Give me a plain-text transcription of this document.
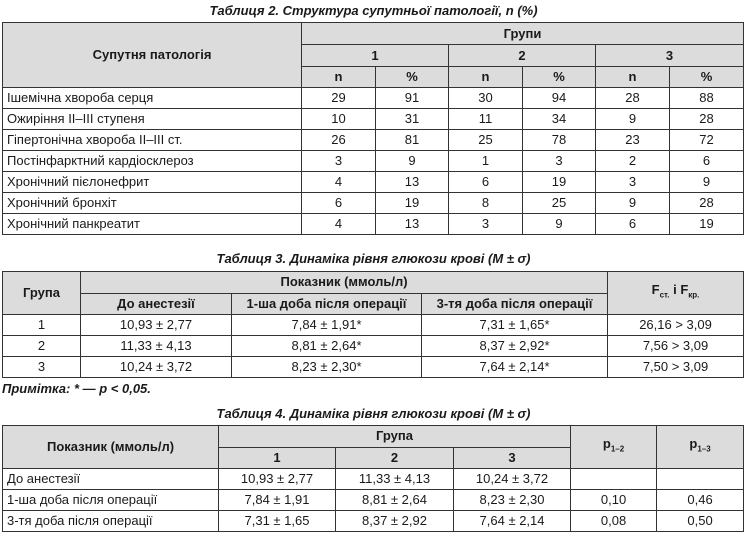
Таблиця 2. Структура супутньої патології, n (%)
Супутня патологія	Групи					
	1		2		3	
	n	%	n	%	n	%
Ішемічна хвороба серця	29	91	30	94	28	88
Ожиріння ІІ–ІІІ ступеня	10	31	11	34	9	28
Гіпертонічна хвороба ІІ–ІІІ ст.	26	81	25	78	23	72
Постінфарктний кардіосклероз	3	9	1	3	2	6
Хронічний пієлонефрит	4	13	6	19	3	9
Хронічний бронхіт	6	19	8	25	9	28
Хронічний панкреатит	4	13	3	9	6	19
Таблиця 3. Динаміка рівня глюкози крові (M ± σ)
Група	Показник (ммоль/л)			$F_{ст.}$ і $F_{кр.}$
	До анестезії	1-ша доба після операції	3-тя доба після операції	
1	10,93 ± 2,77	7,84 ± 1,91*	7,31 ± 1,65*	26,16 > 3,09
2	11,33 ± 4,13	8,81 ± 2,64*	8,37 ± 2,92*	7,56 > 3,09
3	10,24 ± 3,72	8,23 ± 2,30*	7,64 ± 2,14*	7,50 > 3,09
Примітка: * — p < 0,05.
Таблиця 4. Динаміка рівня глюкози крові (M ± σ)
Показник (ммоль/л)	Група			$p_{1-2}$	$p_{1-3}$
	1	2	3		
До анестезії	10,93 ± 2,77	11,33 ± 4,13	10,24 ± 3,72		
1-ша доба після операції	7,84 ± 1,91	8,81 ± 2,64	8,23 ± 2,30	0,10	0,46
3-тя доба після операції	7,31 ± 1,65	8,37 ± 2,92	7,64 ± 2,14	0,08	0,50
